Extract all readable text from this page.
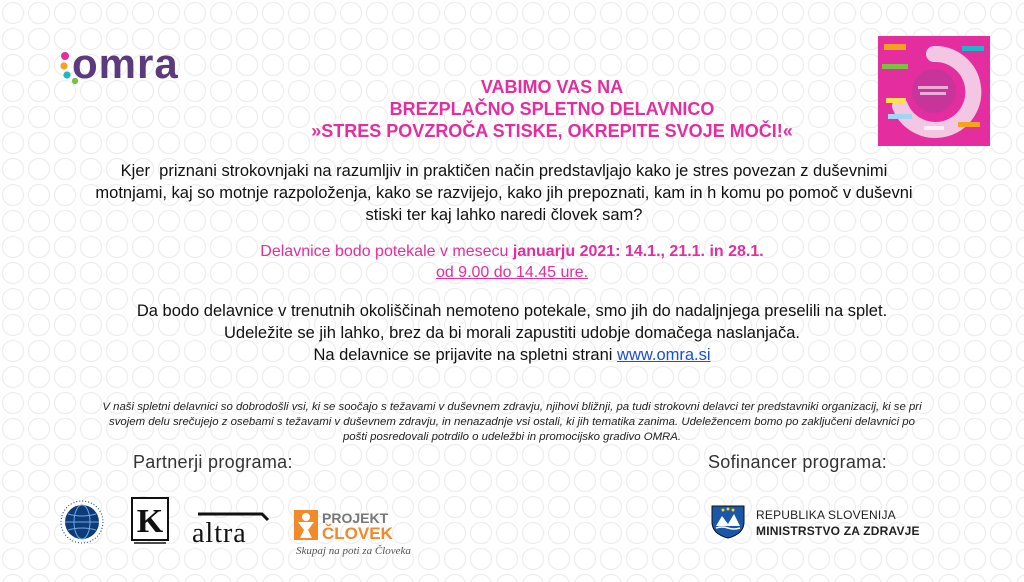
omra	VABIMO VAS NA
BREZPLAČNO SPLETNO DELAVNICO
»STRES POVZROČA STISKE, OKREPITE SVOJE MOČI!«
Kjer  priznani strokovnjaki na razumljiv in praktičen način predstavljajo kako je stres povezan z duševnimi
motnjami, kaj so motnje razpoloženja, kako se razvijejo, kako jih prepoznati, kam in h komu po pomoč v duševni
stiski ter kaj lahko naredi človek sam?
Delavnice bodo potekale v mesecu januarju 2021: 14.1., 21.1. in 28.1.
od 9.00 do 14.45 ure.
Da bodo delavnice v trenutnih okoliščinah nemoteno potekale, smo jih do nadaljnjega preselili na splet.
Udeležite se jih lahko, brez da bi morali zapustiti udobje domačega naslanjača.
Na delavnice se prijavite na spletni strani www.omra.si
V naši spletni delavnici so dobrodošli vsi, ki se soočajo s težavami v duševnem zdravju, njihovi bližnji, pa tudi strokovni delavci ter predstavniki organizacij, ki se pri
svojem delu srečujejo z osebami s težavami v duševnem zdravju, in nenazadnje vsi ostali, ki jih tematika zanima. Udeležencem bomo po zaključeni delavnici po
pošti posredovali potrdilo o udeležbi in promocijsko gradivo OMRA.
Partnerji programa:	Sofinancer programa:
K altra	PROJEKT
ČLOVEK
Skupaj na poti za Človeka
REPUBLIKA SLOVENIJA
MINISTRSTVO ZA ZDRAVJE
